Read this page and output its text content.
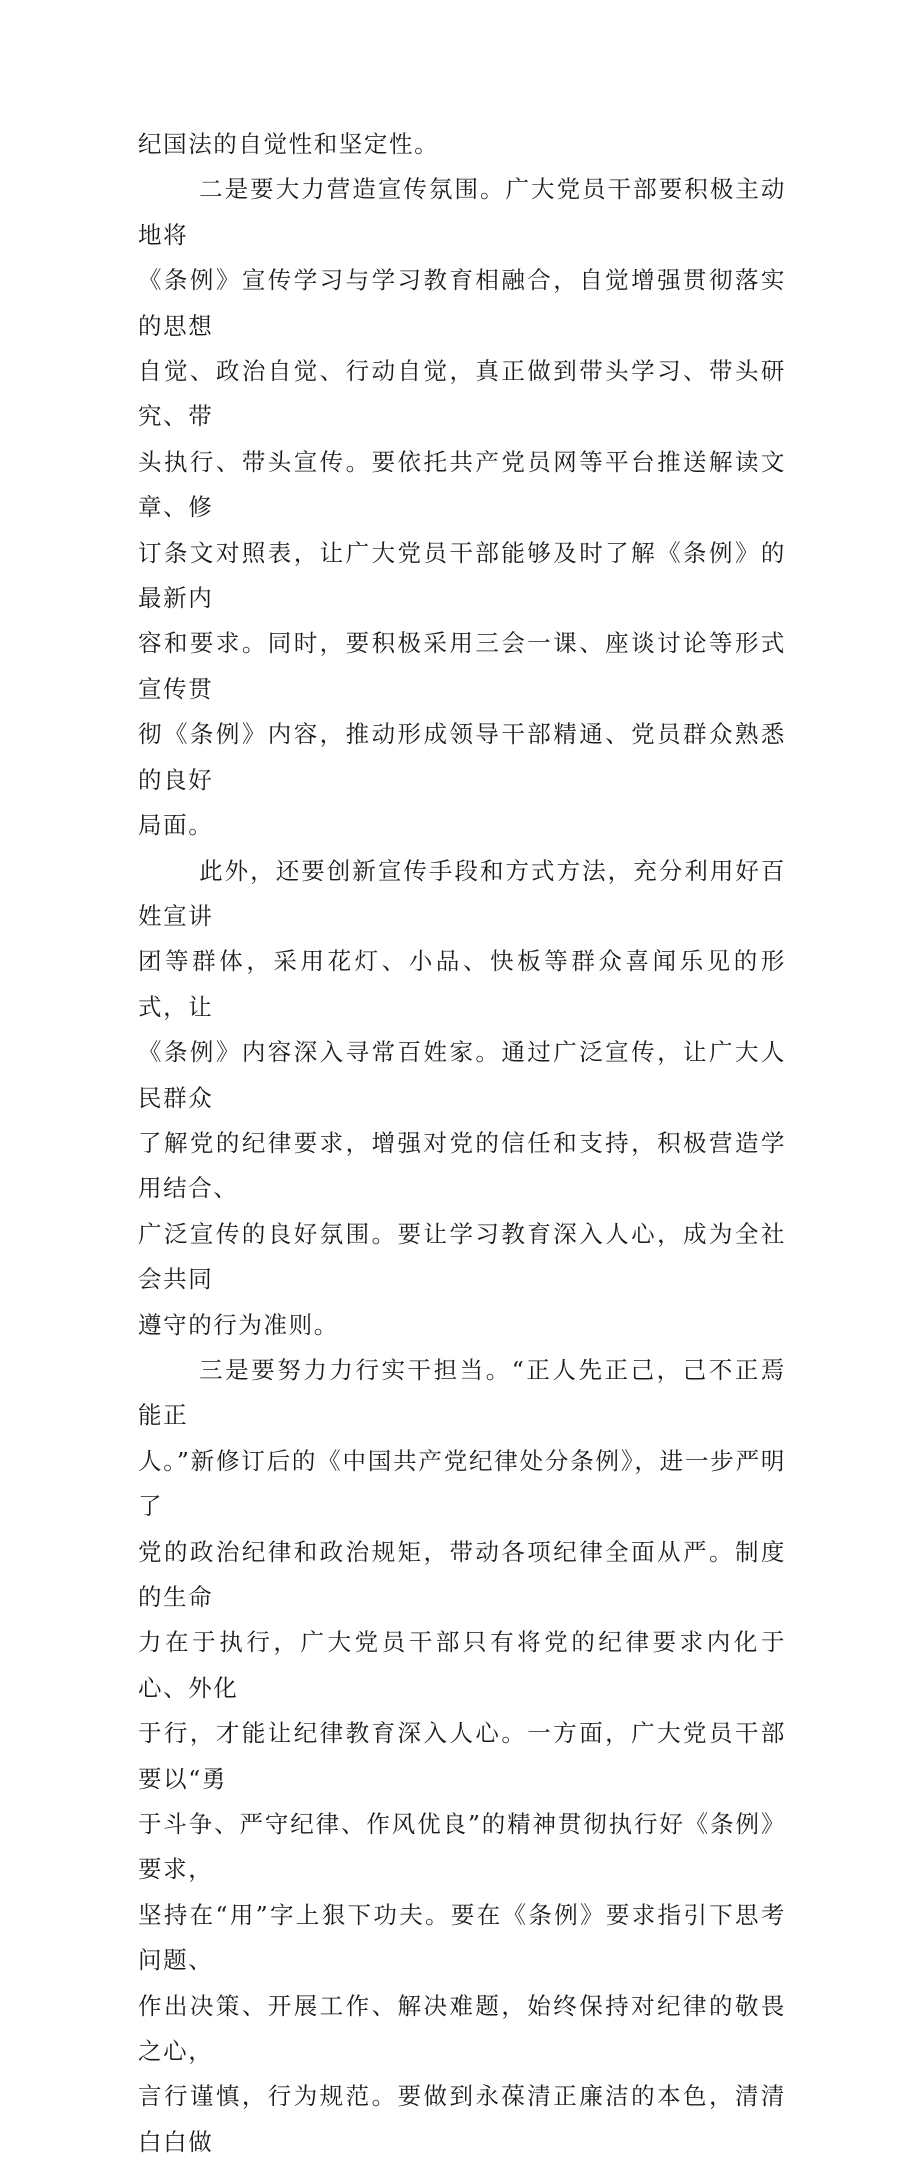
纪国法的自觉性和坚定性。

二是要大力营造宣传氛围。广大党员干部要积极主动地将
《条例》宣传学习与学习教育相融合，自觉增强贯彻落实的思想
自觉、政治自觉、行动自觉，真正做到带头学习、带头研究、带
头执行、带头宣传。要依托共产党员网等平台推送解读文章、修
订条文对照表，让广大党员干部能够及时了解《条例》的最新内
容和要求。同时，要积极采用三会一课、座谈讨论等形式宣传贯
彻《条例》内容，推动形成领导干部精通、党员群众熟悉的良好
局面。

此外，还要创新宣传手段和方式方法，充分利用好百姓宣讲
团等群体，采用花灯、小品、快板等群众喜闻乐见的形式，让
《条例》内容深入寻常百姓家。通过广泛宣传，让广大人民群众
了解党的纪律要求，增强对党的信任和支持，积极营造学用结合、
广泛宣传的良好氛围。要让学习教育深入人心，成为全社会共同
遵守的行为准则。

三是要努力力行实干担当。“正人先正己，己不正焉能正
人。”新修订后的《中国共产党纪律处分条例》，进一步严明了
党的政治纪律和政治规矩，带动各项纪律全面从严。制度的生命
力在于执行，广大党员干部只有将党的纪律要求内化于心、外化
于行，才能让纪律教育深入人心。一方面，广大党员干部要以“勇
于斗争、严守纪律、作风优良”的精神贯彻执行好《条例》要求，
坚持在“用”字上狠下功夫。要在《条例》要求指引下思考问题、
作出决策、开展工作、解决难题，始终保持对纪律的敬畏之心，
言行谨慎，行为规范。要做到永葆清正廉洁的本色，清清白白做
